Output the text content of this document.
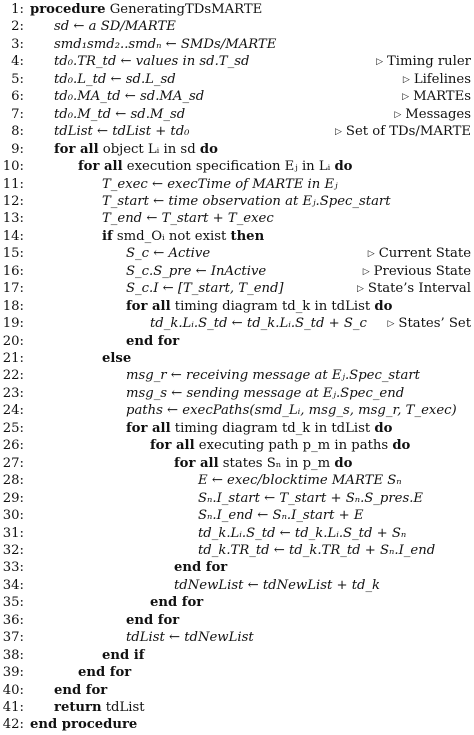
1: procedure GeneratingTDsMARTE
2: sd ← a SD/MARTE
3: smd₁smd₂..smdₙ ← SMDs/MARTE
4: td₀.TR_td ← values in sd.T_sd	▷ Timing ruler
5: td₀.L_td ← sd.L_sd	▷ Lifelines
6: td₀.MA_td ← sd.MA_sd	▷ MARTEs
7: td₀.M_td ← sd.M_sd	▷ Messages
8: tdList ← tdList + td₀	▷ Set of TDs/MARTE
9: for all object Lᵢ in sd do
10:	for all execution specification Eⱼ in Lᵢ do
11:	T_exec ← execTime of MARTE in Eⱼ
12:	T_start ← time observation at Eⱼ.Spec_start
13:	T_end ← T_start + T_exec
14:	if smd_Oᵢ not exist then
15:	S_c ← Active	▷ Current State
16:	S_c.S_pre ← InActive	▷ Previous State
17:	S_c.I ← [T_start, T_end]	▷ State’s Interval
18:	for all timing diagram td_k in tdList do
19:	td_k.Lᵢ.S_td ← td_k.Lᵢ.S_td + S_c ▷ States’ Set
20:	end for
21:	else
22:	msg_r ← receiving message at Eⱼ.Spec_start
23:	msg_s ← sending message at Eⱼ.Spec_end
24:	paths ← execPaths(smd_Lᵢ, msg_s, msg_r, T_exec)
25:	for all timing diagram td_k in tdList do
26:	for all executing path p_m in paths do
27:	for all states Sₙ in p_m do
28:	E ← exec/blocktime MARTE Sₙ
29:	Sₙ.I_start ← T_start + Sₙ.S_pres.E
30:	Sₙ.I_end ← Sₙ.I_start + E
31:	td_k.Lᵢ.S_td ← td_k.Lᵢ.S_td + Sₙ
32:	td_k.TR_td ← td_k.TR_td + Sₙ.I_end
33:	end for
34:	tdNewList ← tdNewList + td_k
35:	end for
36:	end for
37:	tdList ← tdNewList
38:	end if
39:	end for
40: end for
41: return tdList
42: end procedure
